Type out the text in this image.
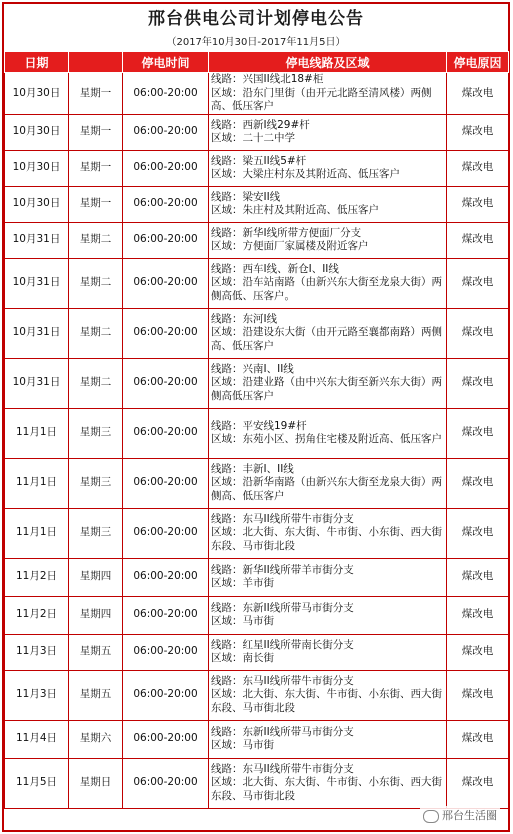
邢台供电公司计划停电公告
（2017年10月30日-2017年11月5日）
日期		停电时间	停电线路及区域	停电原因
10月30日	星期一	06:00-20:00	线路：兴国II线北18#柜
区域：沿东门里街（由开元北路至清风楼）两侧高、低压客户	煤改电
10月30日	星期一	06:00-20:00	线路：西新I线29#杆
区域：二十二中学	煤改电
10月30日	星期一	06:00-20:00	线路：梁五II线5#杆
区域：大梁庄村东及其附近高、低压客户	煤改电
10月30日	星期一	06:00-20:00	线路：梁安II线
区域：朱庄村及其附近高、低压客户	煤改电
10月31日	星期二	06:00-20:00	线路：新华I线所带方便面厂分支
区域：方便面厂家属楼及附近客户	煤改电
10月31日	星期二	06:00-20:00	线路：西车I线、新仓I、II线
区域：沿车站南路（由新兴东大街至龙泉大街）两侧高低、压客户。	煤改电
10月31日	星期二	06:00-20:00	线路：东河I线
区域：沿建设东大街（由开元路至襄都南路）两侧高、低压客户	煤改电
10月31日	星期二	06:00-20:00	线路：兴南I、II线
区域：沿建业路（由中兴东大街至新兴东大街）两侧高低压客户	煤改电
11月1日	星期三	06:00-20:00	线路：平安线19#杆
区域：东苑小区、拐角住宅楼及附近高、低压客户	煤改电
11月1日	星期三	06:00-20:00	线路：丰新I、II线
区域：沿新华南路（由新兴东大街至龙泉大街）两侧高、低压客户	煤改电
11月1日	星期三	06:00-20:00	线路：东马II线所带牛市街分支
区域：北大街、东大街、牛市街、小东街、西大街东段、马市街北段	煤改电
11月2日	星期四	06:00-20:00	线路：新华II线所带羊市街分支
区域：羊市街	煤改电
11月2日	星期四	06:00-20:00	线路：东新II线所带马市街分支
区域：马市街	煤改电
11月3日	星期五	06:00-20:00	线路：红星II线所带南长街分支
区域：南长街	煤改电
11月3日	星期五	06:00-20:00	线路：东马II线所带牛市街分支
区域：北大街、东大街、牛市街、小东街、西大街东段、马市街北段	煤改电
11月4日	星期六	06:00-20:00	线路：东新II线所带马市街分支
区域：马市街	煤改电
11月5日	星期日	06:00-20:00	线路：东马II线所带牛市街分支
区域：北大街、东大街、牛市街、小东街、西大街东段、马市街北段	煤改电
邢台生活圈
